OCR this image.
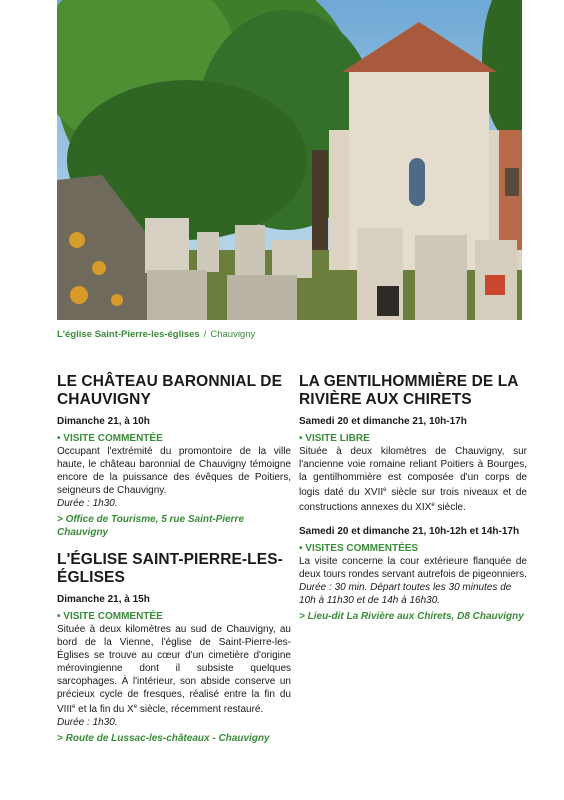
L'église Saint-Pierre-les-églises / Chauvigny
LE CHÂTEAU BARONNIAL DE CHAUVIGNY
Dimanche 21, à 10h
• VISITE COMMENTÉE
Occupant l'extrémité du promontoire de la ville haute, le château baronnial de Chauvigny témoigne encore de la puissance des évêques de Poitiers, seigneurs de Chauvigny.
Durée : 1h30.
> Office de Tourisme, 5 rue Saint-Pierre Chauvigny
L'ÉGLISE SAINT-PIERRE-LES-ÉGLISES
Dimanche 21, à 15h
• VISITE COMMENTÉE
Située à deux kilomètres au sud de Chauvigny, au bord de la Vienne, l'église de Saint-Pierre-les-Églises se trouve au cœur d'un cimetière d'origine mérovingienne dont il subsiste quelques sarcophages. À l'intérieur, son abside conserve un précieux cycle de fresques, réalisé entre la fin du VIIIe et la fin du Xe siècle, récemment restauré.
Durée : 1h30.
> Route de Lussac-les-châteaux - Chauvigny
LA GENTILHOMMIÈRE DE LA RIVIÈRE AUX CHIRETS
Samedi 20 et dimanche 21, 10h-17h
• VISITE LIBRE
Située à deux kilomètres de Chauvigny, sur l'ancienne voie romaine reliant Poitiers à Bourges, la gentilhommière est composée d'un corps de logis daté du XVIIe siècle sur trois niveaux et de constructions annexes du XIXe siècle.
Samedi 20 et dimanche 21, 10h-12h et 14h-17h
• VISITES COMMENTÉES
La visite concerne la cour extérieure flanquée de deux tours rondes servant autrefois de pigeonniers.
Durée : 30 min. Départ toutes les 30 minutes de 10h à 11h30 et de 14h à 16h30.
> Lieu-dit La Rivière aux Chirets, D8 Chauvigny
